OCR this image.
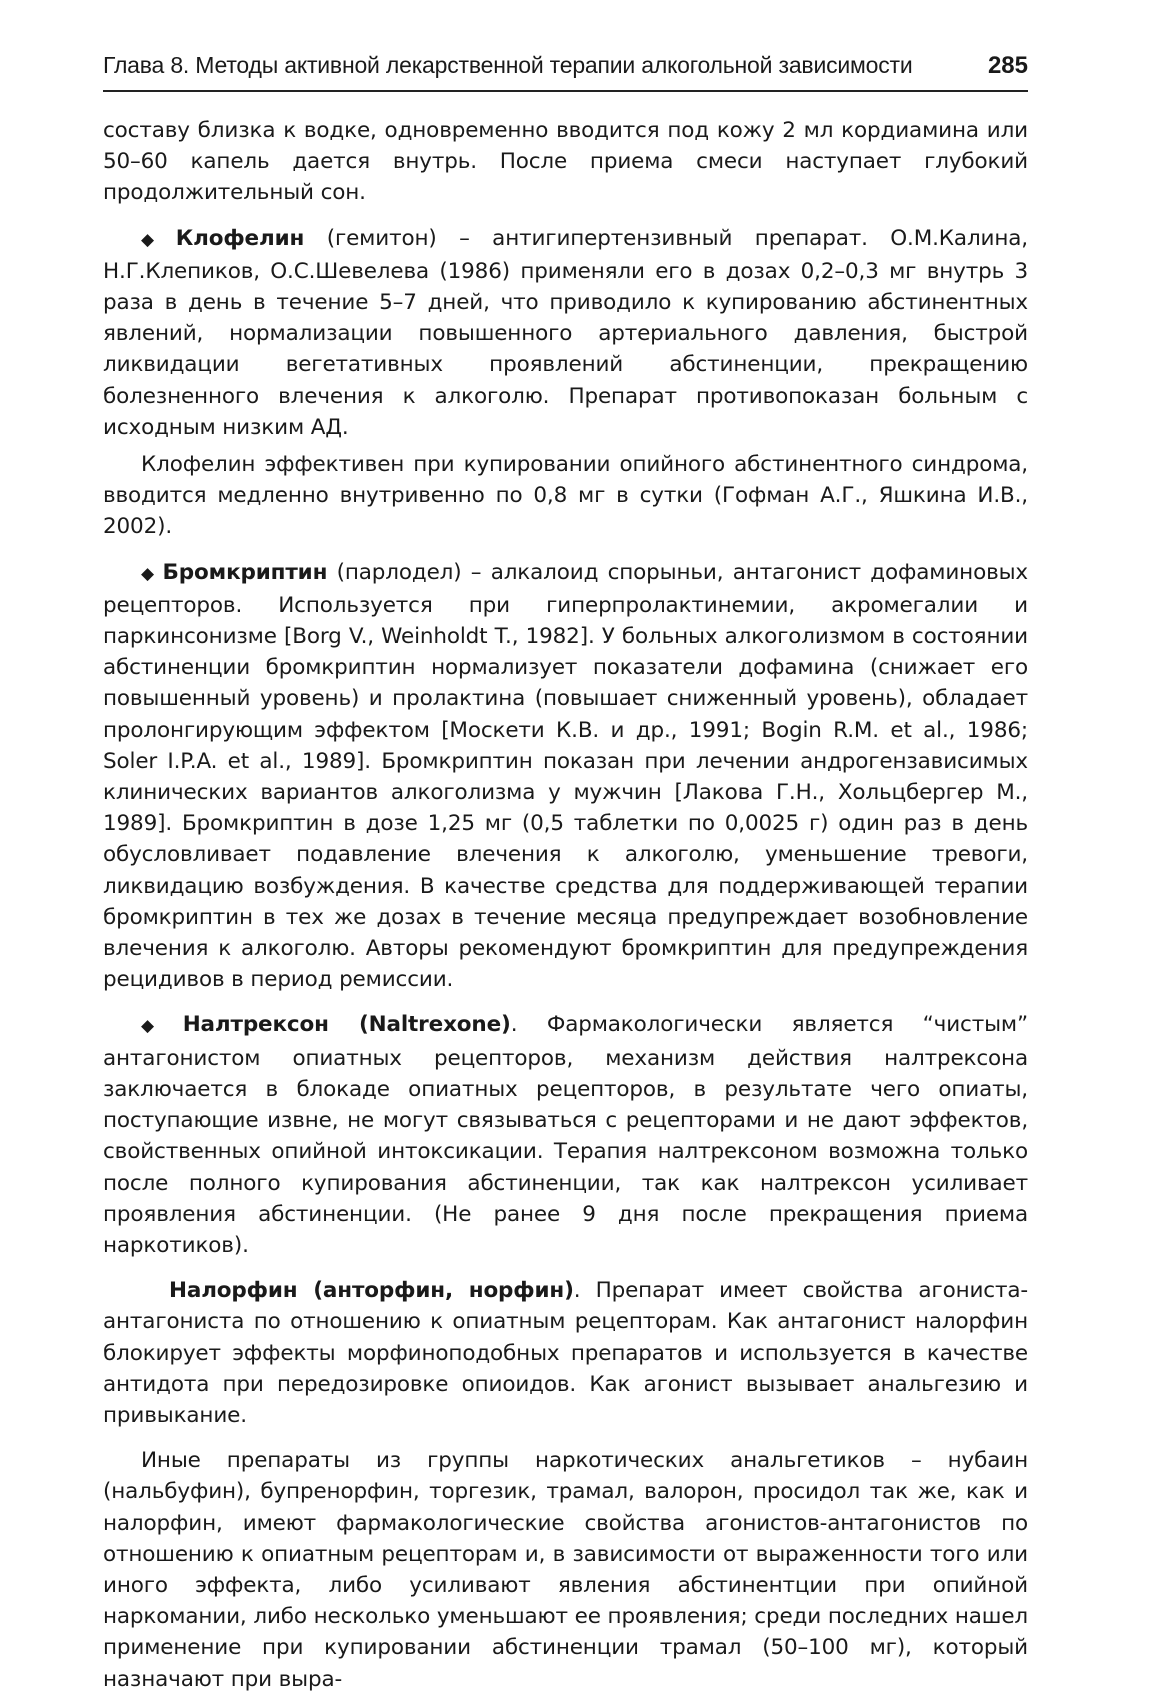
Глава 8. Методы активной лекарственной терапии алкогольной зависимости	285

составу близка к водке, одновременно вводится под кожу 2 мл кордиамина или 50–60 капель дается внутрь. После приема смеси наступает глубокий продолжительный сон.

◆ Клофелин (гемитон) – антигипертензивный препарат. О.М.Калина, Н.Г.Клепиков, О.С.Шевелева (1986) применяли его в дозах 0,2–0,3 мг внутрь 3 раза в день в течение 5–7 дней, что приводило к купированию абстинентных явлений, нормализации повышенного артериального давления, быстрой ликвидации вегетативных проявлений абстиненции, прекращению болезненного влечения к алкоголю. Препарат противопоказан больным с исходным низким АД.

Клофелин эффективен при купировании опийного абстинентного синдрома, вводится медленно внутривенно по 0,8 мг в сутки (Гофман А.Г., Яшкина И.В., 2002).

◆ Бромкриптин (парлодел) – алкалоид спорыньи, антагонист дофаминовых рецепторов. Используется при гиперпролактинемии, акромегалии и паркинсонизме [Borg V., Weinholdt T., 1982]. У больных алкоголизмом в состоянии абстиненции бромкриптин нормализует показатели дофамина (снижает его повышенный уровень) и пролактина (повышает сниженный уровень), обладает пролонгирующим эффектом [Москети К.В. и др., 1991; Bogin R.M. et al., 1986; Soler I.P.A. et al., 1989]. Бромкриптин показан при лечении андрогензависимых клинических вариантов алкоголизма у мужчин [Лакова Г.Н., Хольцбергер М., 1989]. Бромкриптин в дозе 1,25 мг (0,5 таблетки по 0,0025 г) один раз в день обусловливает подавление влечения к алкоголю, уменьшение тревоги, ликвидацию возбуждения. В качестве средства для поддерживающей терапии бромкриптин в тех же дозах в течение месяца предупреждает возобновление влечения к алкоголю. Авторы рекомендуют бромкриптин для предупреждения рецидивов в период ремиссии.

◆ Налтрексон (Naltrexone). Фармакологически является “чистым” антагонистом опиатных рецепторов, механизм действия налтрексона заключается в блокаде опиатных рецепторов, в результате чего опиаты, поступающие извне, не могут связываться с рецепторами и не дают эффектов, свойственных опийной интоксикации. Терапия налтрексоном возможна только после полного купирования абстиненции, так как налтрексон усиливает проявления абстиненции. (Не ранее 9 дня после прекращения приема наркотиков).

Налорфин (анторфин, норфин). Препарат имеет свойства агониста-антагониста по отношению к опиатным рецепторам. Как антагонист налорфин блокирует эффекты морфиноподобных препаратов и используется в качестве антидота при передозировке опиоидов. Как агонист вызывает анальгезию и привыкание.

Иные препараты из группы наркотических анальгетиков – нубаин (нальбуфин), бупренорфин, торгезик, трамал, валорон, просидол так же, как и налорфин, имеют фармакологические свойства агонистов-антагонистов по отношению к опиатным рецепторам и, в зависимости от выраженности того или иного эффекта, либо усиливают явления абстинентции при опийной наркомании, либо несколько уменьшают ее проявления; среди последних нашел применение при купировании абстиненции трамал (50–100 мг), который назначают при выра-
